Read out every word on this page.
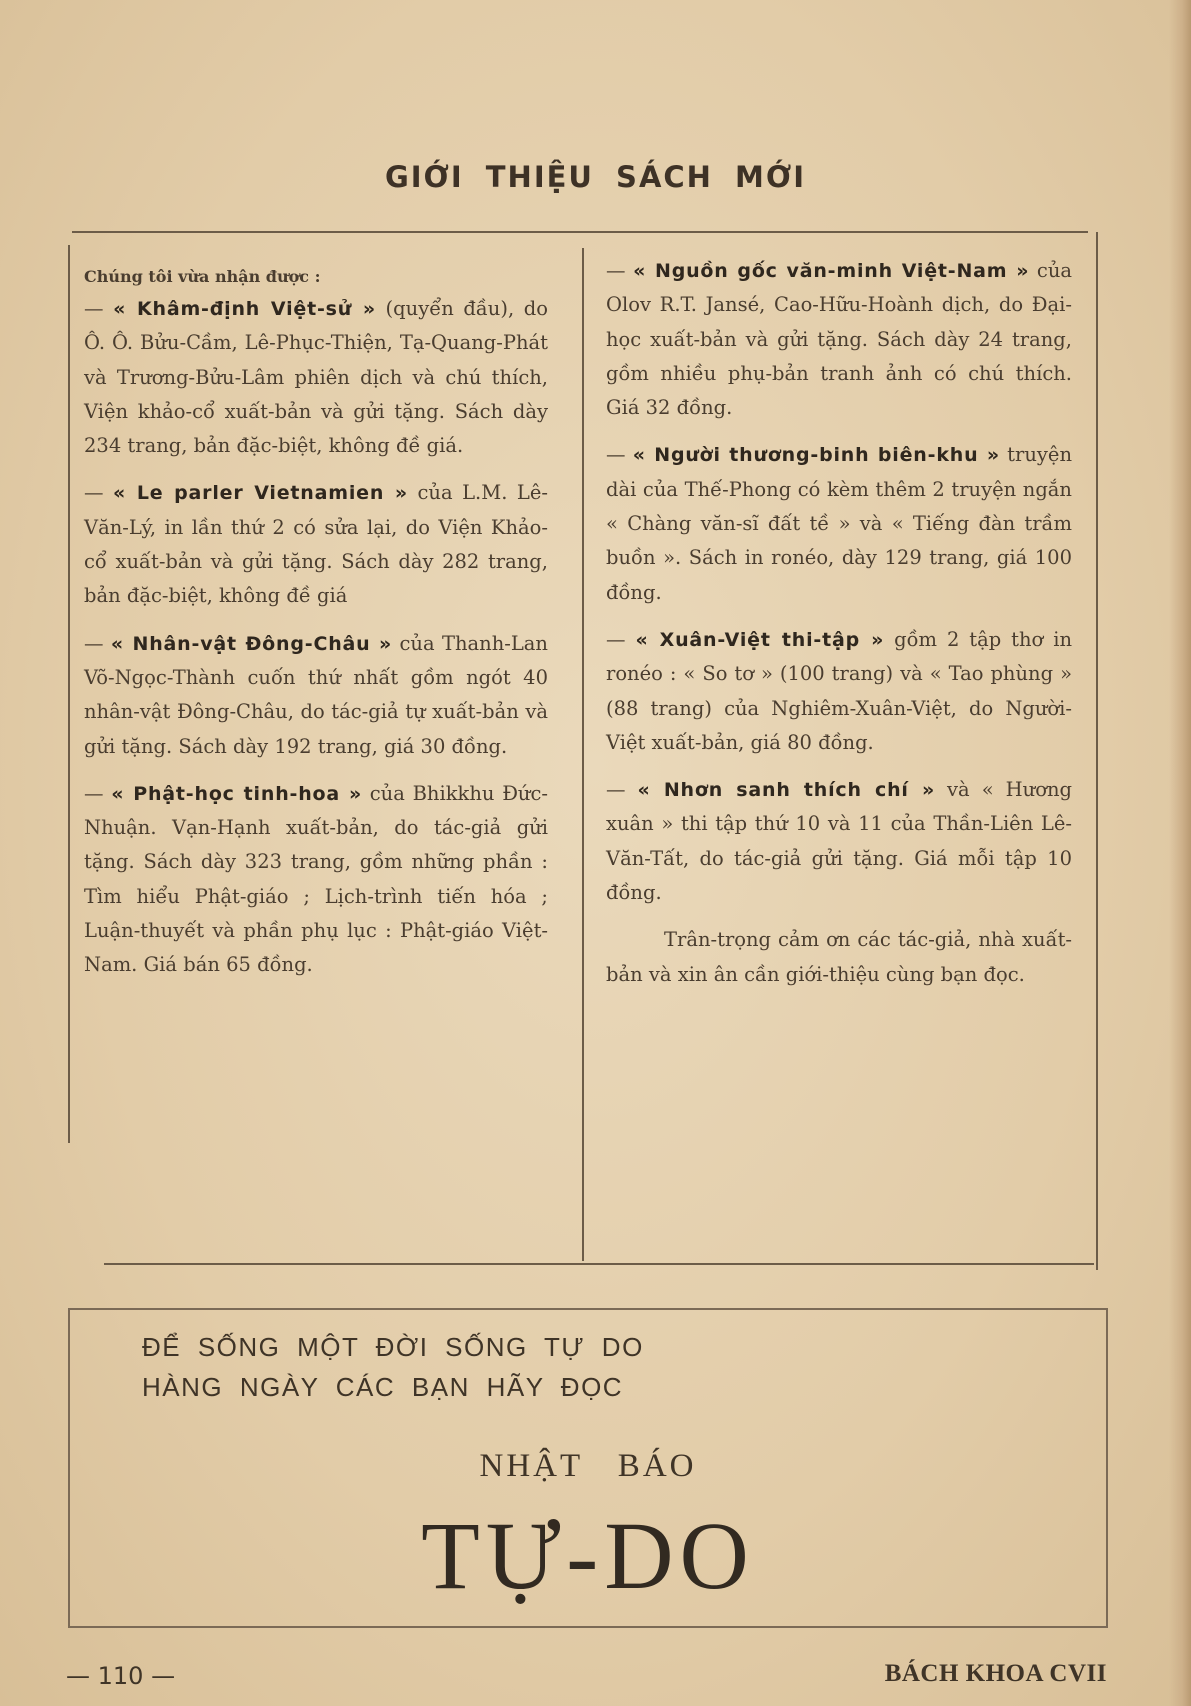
GIỚI THIỆU SÁCH MỚI
Chúng tôi vừa nhận được :
— « Khâm-định Việt-sử » (quyển đầu), do Ô. Ô. Bửu-Cầm, Lê-Phục-Thiện, Tạ-Quang-Phát và Trương-Bửu-Lâm phiên dịch và chú thích, Viện khảo-cổ xuất-bản và gửi tặng. Sách dày 234 trang, bản đặc-biệt, không đề giá.
— « Le parler Vietnamien » của L.M. Lê-Văn-Lý, in lần thứ 2 có sửa lại, do Viện Khảo-cổ xuất-bản và gửi tặng. Sách dày 282 trang, bản đặc-biệt, không đề giá
— « Nhân-vật Đông-Châu » của Thanh-Lan Võ-Ngọc-Thành cuốn thứ nhất gồm ngót 40 nhân-vật Đông-Châu, do tác-giả tự xuất-bản và gửi tặng. Sách dày 192 trang, giá 30 đồng.
— « Phật-học tinh-hoa » của Bhikkhu Đức-Nhuận. Vạn-Hạnh xuất-bản, do tác-giả gửi tặng. Sách dày 323 trang, gồm những phần : Tìm hiểu Phật-giáo ; Lịch-trình tiến hóa ; Luận-thuyết và phần phụ lục : Phật-giáo Việt-Nam. Giá bán 65 đồng.
— « Nguồn gốc văn-minh Việt-Nam » của Olov R.T. Jansé, Cao-Hữu-Hoành dịch, do Đại-học xuất-bản và gửi tặng. Sách dày 24 trang, gồm nhiều phụ-bản tranh ảnh có chú thích. Giá 32 đồng.
— « Người thương-binh biên-khu » truyện dài của Thế-Phong có kèm thêm 2 truyện ngắn « Chàng văn-sĩ đất tề » và « Tiếng đàn trầm buồn ». Sách in ronéo, dày 129 trang, giá 100 đồng.
— « Xuân-Việt thi-tập » gồm 2 tập thơ in ronéo : « So tơ » (100 trang) và « Tao phùng » (88 trang) của Nghiêm-Xuân-Việt, do Người-Việt xuất-bản, giá 80 đồng.
— « Nhơn sanh thích chí » và « Hương xuân » thi tập thứ 10 và 11 của Thần-Liên Lê-Văn-Tất, do tác-giả gửi tặng. Giá mỗi tập 10 đồng.
Trân-trọng cảm ơn các tác-giả, nhà xuất-bản và xin ân cần giới-thiệu cùng bạn đọc.
ĐỂ SỐNG MỘT ĐỜI SỐNG TỰ DO
HÀNG NGÀY CÁC BẠN HÃY ĐỌC
NHẬT BÁO
TỰ-DO
— 110 —	BÁCH KHOA CVII
